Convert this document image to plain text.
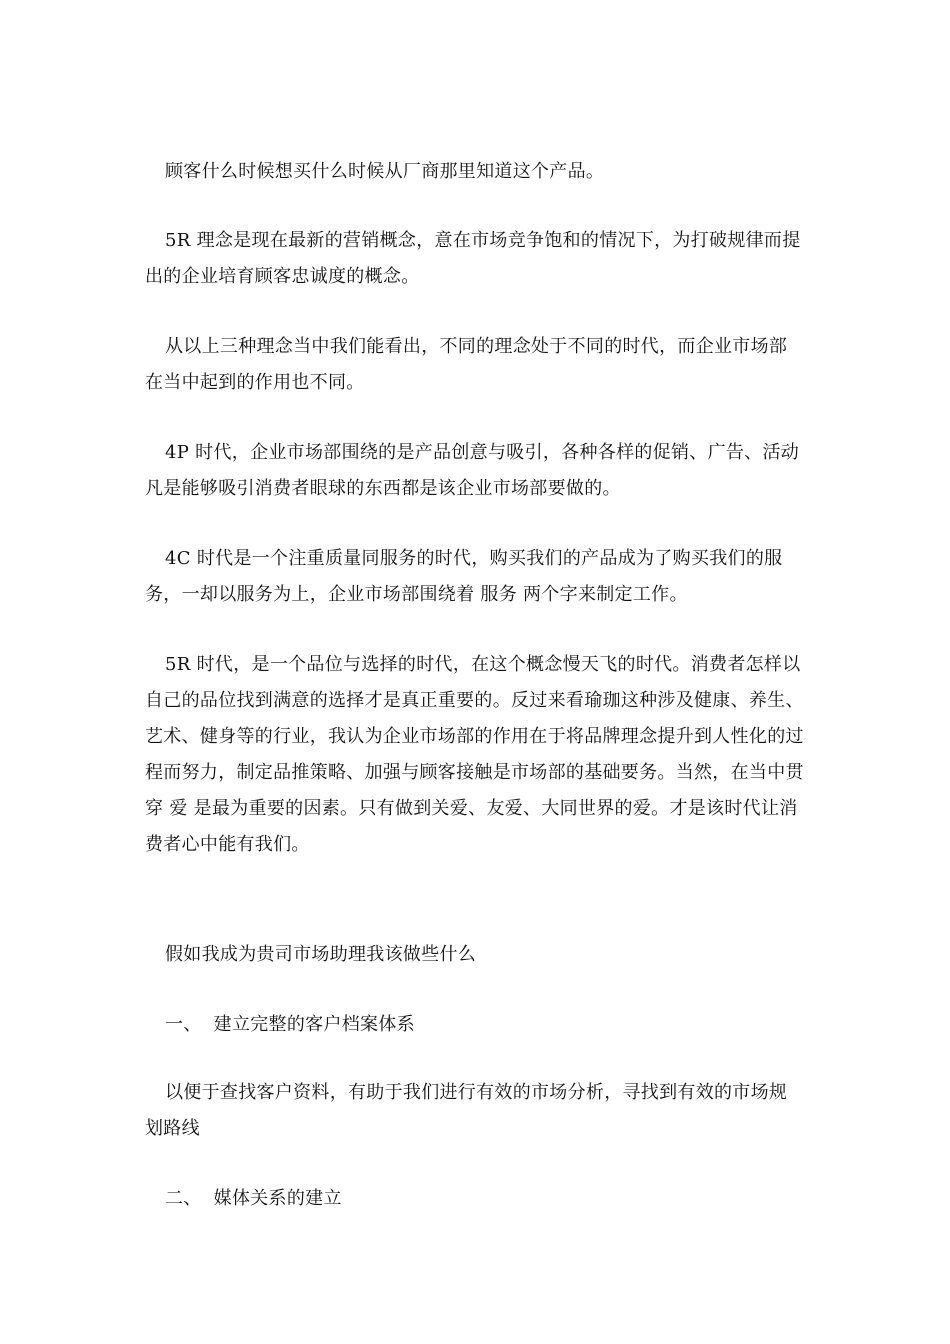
顾客什么时候想买什么时候从厂商那里知道这个产品。

5R 理念是现在最新的营销概念，意在市场竞争饱和的情况下，为打破规律而提出的企业培育顾客忠诚度的概念。

从以上三种理念当中我们能看出，不同的理念处于不同的时代，而企业市场部在当中起到的作用也不同。

4P 时代，企业市场部围绕的是产品创意与吸引，各种各样的促销、广告、活动凡是能够吸引消费者眼球的东西都是该企业市场部要做的。

4C 时代是一个注重质量同服务的时代，购买我们的产品成为了购买我们的服务，一却以服务为上，企业市场部围绕着 服务 两个字来制定工作。

5R 时代，是一个品位与选择的时代，在这个概念慢天飞的时代。消费者怎样以自己的品位找到满意的选择才是真正重要的。反过来看瑜珈这种涉及健康、养生、艺术、健身等的行业，我认为企业市场部的作用在于将品牌理念提升到人性化的过程而努力，制定品推策略、加强与顾客接触是市场部的基础要务。当然，在当中贯穿 爱 是最为重要的因素。只有做到关爱、友爱、大同世界的爱。才是该时代让消费者心中能有我们。

假如我成为贵司市场助理我该做些什么

一、  建立完整的客户档案体系

以便于查找客户资料，有助于我们进行有效的市场分析，寻找到有效的市场规划路线

二、  媒体关系的建立
